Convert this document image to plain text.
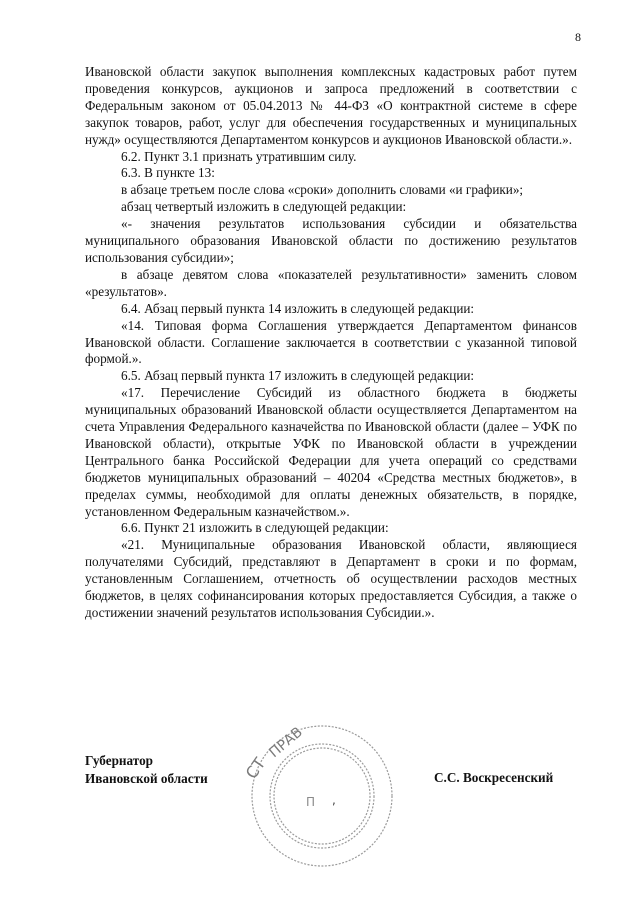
8

Ивановской области закупок выполнения комплексных кадастровых работ путем проведения конкурсов, аукционов и запроса предложений в соответствии с Федеральным законом от 05.04.2013 № 44-ФЗ «О контрактной системе в сфере закупок товаров, работ, услуг для обеспечения государственных и муниципальных нужд» осуществляются Департаментом конкурсов и аукционов Ивановской области.».

6.2. Пункт 3.1 признать утратившим силу.

6.3. В пункте 13:

в абзаце третьем после слова «сроки» дополнить словами «и графики»;

абзац четвертый изложить в следующей редакции:

«- значения результатов использования субсидии и обязательства муниципального образования Ивановской области по достижению результатов использования субсидии»;

в абзаце девятом слова «показателей результативности» заменить словом «результатов».

6.4. Абзац первый пункта 14 изложить в следующей редакции:

«14. Типовая форма Соглашения утверждается Департаментом финансов Ивановской области. Соглашение заключается в соответствии с указанной типовой формой.».

6.5. Абзац первый пункта 17 изложить в следующей редакции:

«17. Перечисление Субсидий из областного бюджета в бюджеты муниципальных образований Ивановской области осуществляется Департаментом на счета Управления Федерального казначейства по Ивановской области (далее – УФК по Ивановской области), открытые УФК по Ивановской области в учреждении Центрального банка Российской Федерации для учета операций со средствами бюджетов муниципальных образований – 40204 «Средства местных бюджетов», в пределах суммы, необходимой для оплаты денежных обязательств, в порядке, установленном Федеральным казначейством.».

6.6. Пункт 21 изложить в следующей редакции:

«21. Муниципальные образования Ивановской области, являющиеся получателями Субсидий, представляют в Департамент в сроки и по формам, установленным Соглашением, отчетность об осуществлении расходов местных бюджетов, в целях софинансирования которых предоставляется Субсидия, а также о достижении значений результатов использования Субсидии.».

СТ
ПРАВ
П ,
Губернатор
Ивановской области	С.С. Воскресенский
